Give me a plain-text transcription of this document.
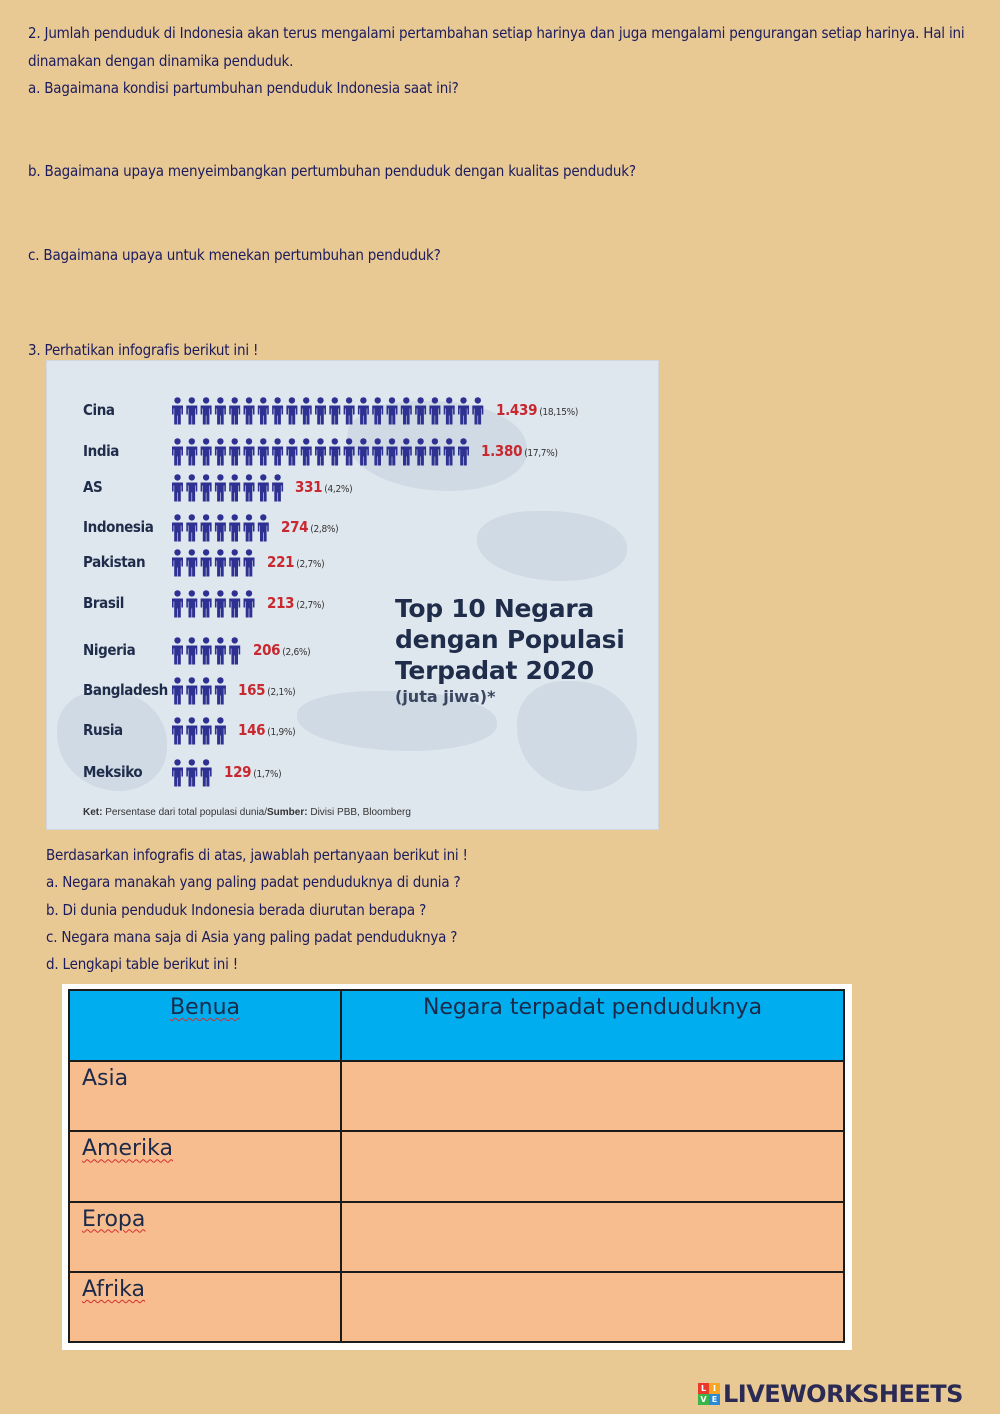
2. Jumlah penduduk di Indonesia akan terus mengalami pertambahan setiap harinya dan juga mengalami pengurangan setiap harinya. Hal ini
dinamakan dengan dinamika penduduk.
a. Bagaimana kondisi partumbuhan penduduk Indonesia saat ini?
b. Bagaimana upaya menyeimbangkan pertumbuhan penduduk dengan kualitas penduduk?
c. Bagaimana upaya untuk menekan pertumbuhan penduduk?
3. Perhatikan infografis berikut ini !
Cina	1.439 (18,15%)
India	1.380 (17,7%)
AS	331 (4,2%)
Indonesia	274 (2,8%)
Pakistan	221 (2,7%)
Brasil	213 (2,7%)
Nigeria	206 (2,6%)
Bangladesh	165 (2,1%)
Rusia	146 (1,9%)
Meksiko	129 (1,7%)
Top 10 Negara
dengan Populasi
Terpadat 2020
(juta jiwa)*
Ket: Persentase dari total populasi dunia/Sumber: Divisi PBB, Bloomberg
Berdasarkan infografis di atas, jawablah pertanyaan berikut ini !
a. Negara manakah yang paling padat penduduknya di dunia ?
b. Di dunia penduduk Indonesia berada diurutan berapa ?
c. Negara mana saja di Asia yang paling padat penduduknya ?
d. Lengkapi table berikut ini !
Benua	Negara terpadat penduduknya
Asia	
Amerika	
Eropa	
Afrika	
L I
V E LIVEWORKSHEETS
